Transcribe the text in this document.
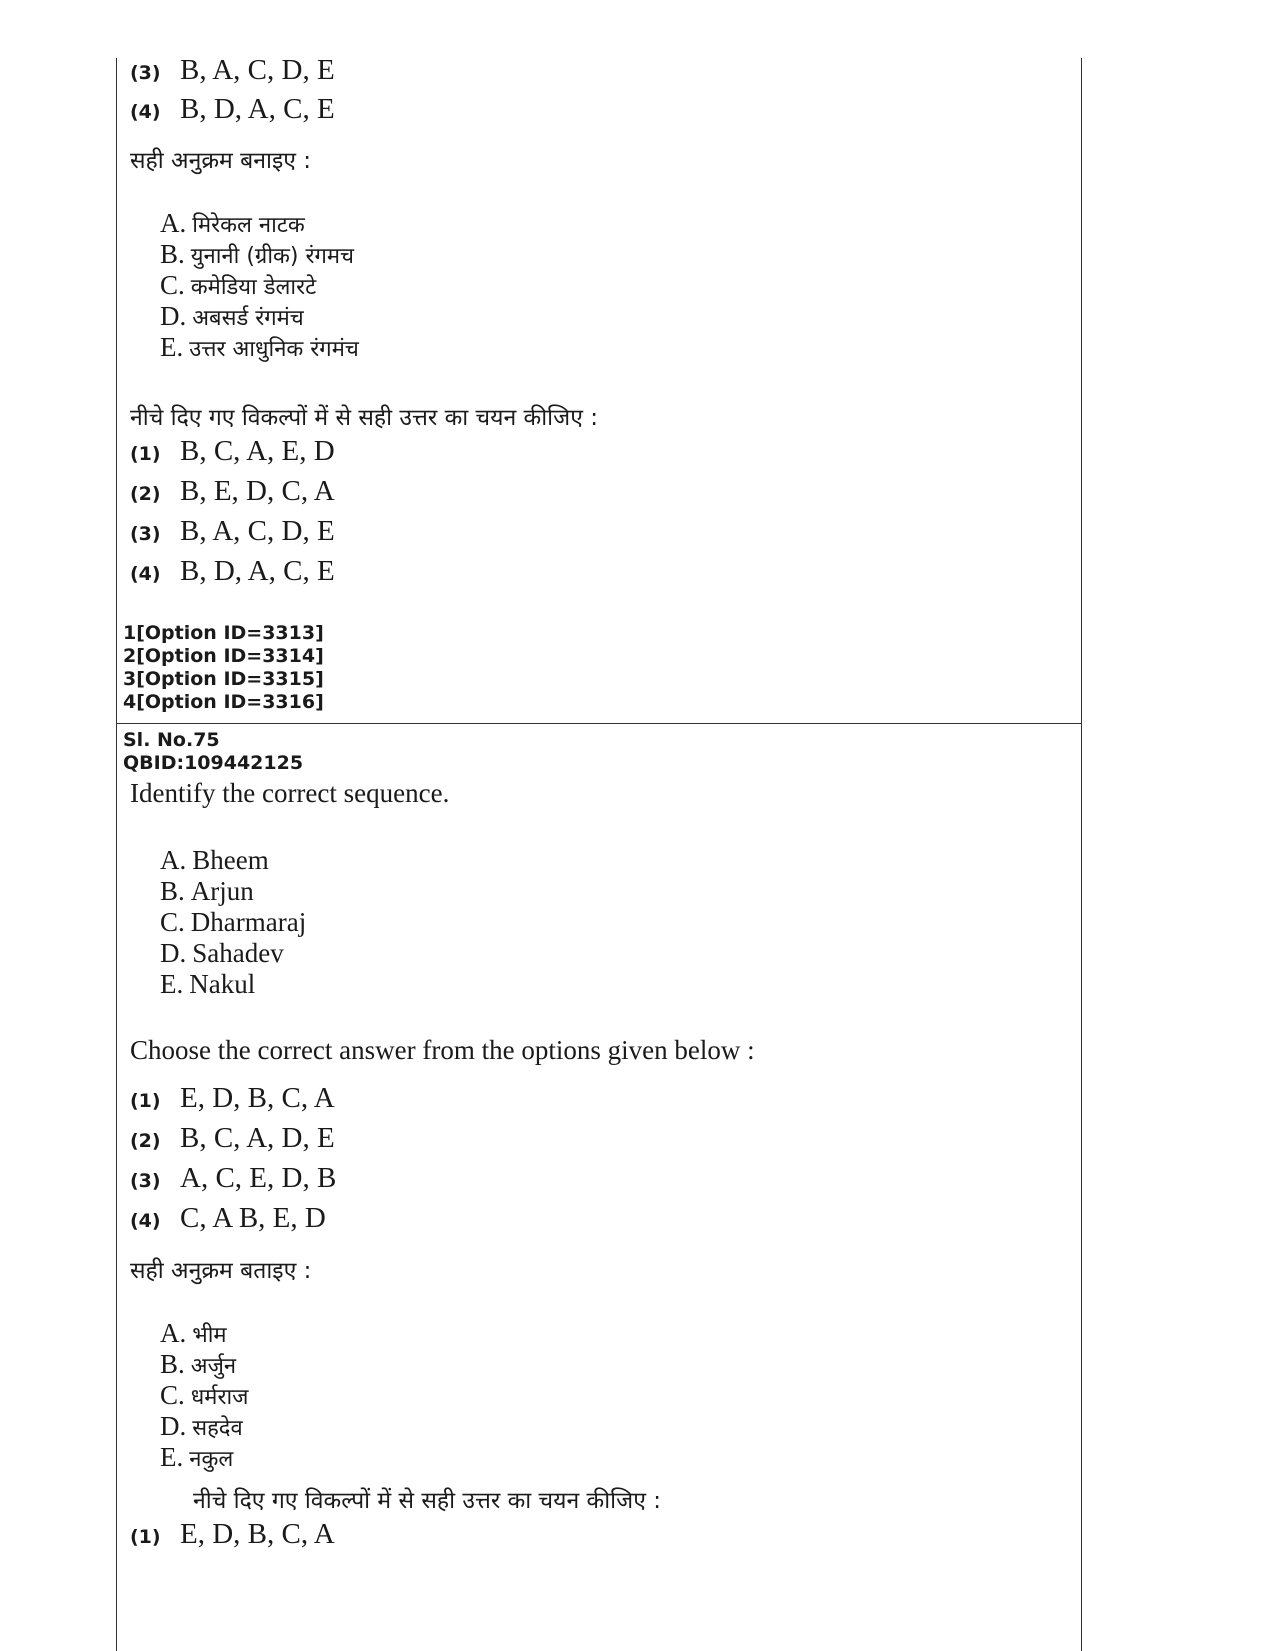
(3) B, A, C, D, E
(4) B, D, A, C, E
सही अनुक्रम बनाइए :
A. मिरेकल नाटक
B. युनानी (ग्रीक) रंगमच
C. कमेडिया डेलारटे
D. अबसर्ड रंगमंच
E. उत्तर आधुनिक रंगमंच
नीचे दिए गए विकल्पों में से सही उत्तर का चयन कीजिए :
(1) B, C, A, E, D
(2) B, E, D, C, A
(3) B, A, C, D, E
(4) B, D, A, C, E
1[Option ID=3313]
2[Option ID=3314]
3[Option ID=3315]
4[Option ID=3316]
Sl. No.75
QBID:109442125
Identify the correct sequence.
A. Bheem
B. Arjun
C. Dharmaraj
D. Sahadev
E. Nakul
Choose the correct answer from the options given below :
(1) E, D, B, C, A
(2) B, C, A, D, E
(3) A, C, E, D, B
(4) C, A B, E, D
सही अनुक्रम बताइए :
A. भीम
B. अर्जुन
C. धर्मराज
D. सहदेव
E. नकुल
नीचे दिए गए विकल्पों में से सही उत्तर का चयन कीजिए :
(1) E, D, B, C, A
